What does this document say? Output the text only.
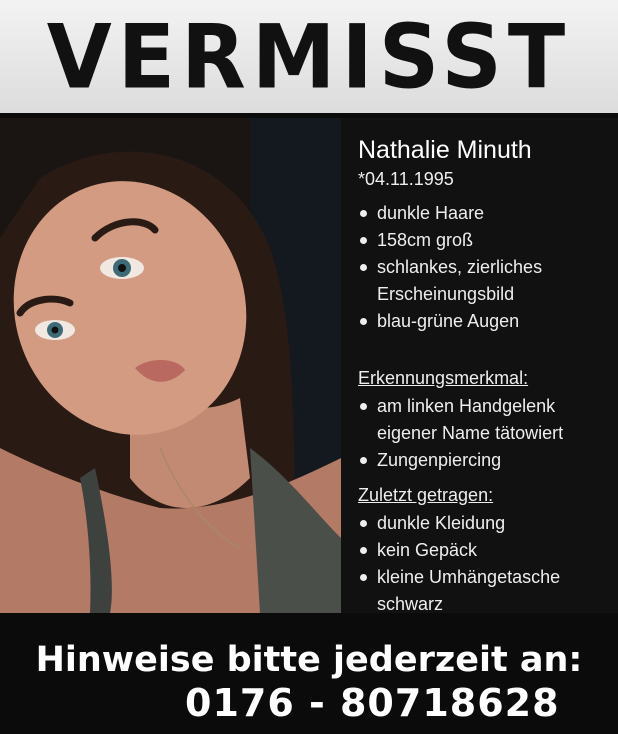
VERMISST
Nathalie Minuth
*04.11.1995
dunkle Haare
158cm groß
schlankes, zierliches Erscheinungsbild
blau-grüne Augen
Erkennungsmerkmal:
am linken Handgelenk eigener Name tätowiert
Zungenpiercing
Zuletzt getragen:
dunkle Kleidung
kein Gepäck
kleine Umhängetasche schwarz
Hinweise bitte jederzeit an:
0176 - 80718628
